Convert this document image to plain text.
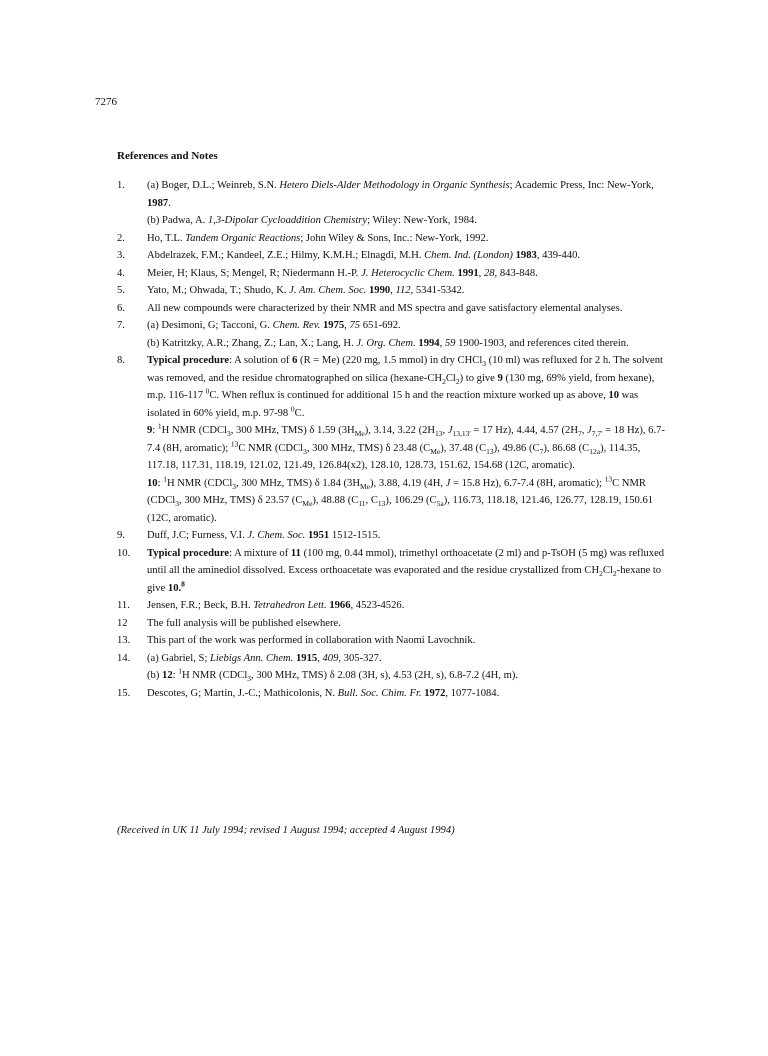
7276
References and Notes
1. (a) Boger, D.L.; Weinreb, S.N. Hetero Diels-Alder Methodology in Organic Synthesis; Academic Press, Inc: New-York, 1987.
(b) Padwa, A. 1,3-Dipolar Cycloaddition Chemistry; Wiley: New-York, 1984.
2. Ho, T.L. Tandem Organic Reactions; John Wiley & Sons, Inc.: New-York, 1992.
3. Abdelrazek, F.M.; Kandeel, Z.E.; Hilmy, K.M.H.; Elnagdi, M.H. Chem. Ind. (London) 1983, 439-440.
4. Meier, H; Klaus, S; Mengel, R; Niedermann H.-P. J. Heterocyclic Chem. 1991, 28, 843-848.
5. Yato, M.; Ohwada, T.; Shudo, K. J. Am. Chem. Soc. 1990, 112, 5341-5342.
6. All new compounds were characterized by their NMR and MS spectra and gave satisfactory elemental analyses.
7. (a) Desimoni, G; Tacconi, G. Chem. Rev. 1975, 75 651-692.
(b) Katritzky, A.R.; Zhang, Z.; Lan, X.; Lang, H. J. Org. Chem. 1994, 59 1900-1903, and references cited therein.
8. Typical procedure: A solution of 6 (R = Me) (220 mg, 1.5 mmol) in dry CHCl$_3$ (10 ml) was refluxed for 2 h. The solvent was removed, and the residue chromatographed on silica $(hexane-CH_2Cl_2)$ to give 9 (130 mg, 69% yield, from hexane), m.p. 116-117 $^0$C. When reflux is continued for additional 15 h and the reaction mixture worked up as above, 10 was isolated in 60% yield, m.p. 97-98 $^0$C.
9: $^1$H NMR (CDCl$_3$, 300 MHz, TMS) δ 1.59 $(3H_{Me})$, 3.14, 3.22 ($2H_{13}$, $J_{13,13'} = 17$ Hz), 4.44, 4.57 ($2H_7$, $J_{7,7'} = 18$ Hz), 6.7-7.4 (8H, aromatic); $^{13}$C NMR (CDCl$_3$, 300 MHz, TMS) δ 23.48 $(C_{Me})$, 37.48 $(C_{13})$, 49.86 $(C_7)$, 86.68 $(C_{12a})$, 114.35, 117.18, 117.31, 118.19, 121.02, 121.49, 126.84(x2), 128.10, 128.73, 151.62, 154.68 (12C, aromatic).
10: $^1$H NMR (CDCl$_3$, 300 MHz, TMS) δ 1.84 $(3H_{Me})$, 3.88, 4.19 (4H, J = 15.8 Hz), 6.7-7.4 (8H, aromatic); $^{13}$C NMR (CDCl$_3$, 300 MHz, TMS) δ 23.57 $(C_{Me})$, 48.88 ($C_{11}$, $C_{13}$), 106.29 $(C_{5a})$, 116.73, 118.18, 121.46, 126.77, 128.19, 150.61 (12C, aromatic).
9. Duff, J.C; Furness, V.I. J. Chem. Soc. 1951 1512-1515.
10. Typical procedure: A mixture of 11 (100 mg, 0.44 mmol), trimethyl orthoacetate (2 ml) and p-TsOH (5 mg) was refluxed until all the aminediol dissolved. Excess orthoacetate was evaporated and the residue crystallized from $CH_2Cl_2$-hexane to give 10.$^8$
11. Jensen, F.R.; Beck, B.H. Tetrahedron Lett. 1966, 4523-4526.
12 The full analysis will be published elsewhere.
13. This part of the work was performed in collaboration with Naomi Lavochnik.
14. (a) Gabriel, S; Liebigs Ann. Chem. 1915, 409, 305-327.
(b) 12: $^1$H NMR (CDCl$_3$, 300 MHz, TMS) δ 2.08 (3H, s), 4.53 (2H, s), 6.8-7.2 (4H, m).
15. Descotes, G; Martin, J.-C.; Mathicolonis, N. Bull. Soc. Chim. Fr. 1972, 1077-1084.
(Received in UK 11 July 1994; revised 1 August 1994; accepted 4 August 1994)
